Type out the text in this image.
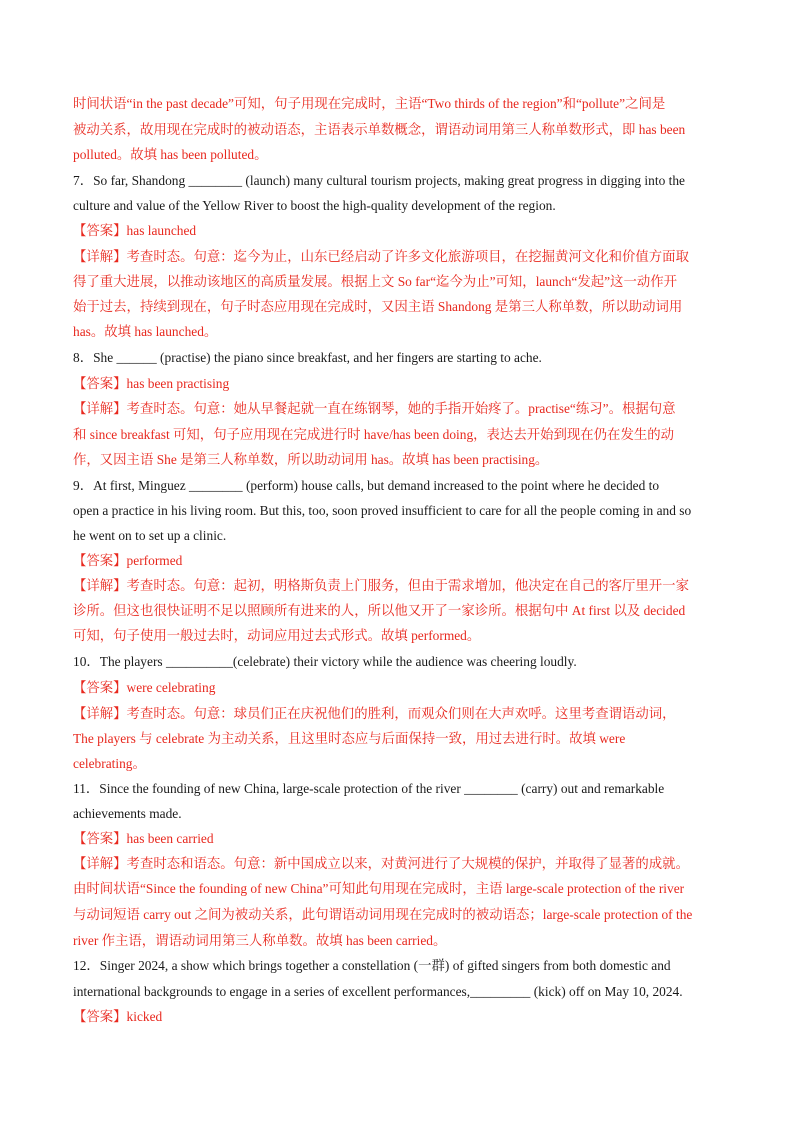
时间状语“in the past decade”可知，句子用现在完成时，主语“Two thirds of the region”和“pollute”之间是
被动关系，故用现在完成时的被动语态，主语表示单数概念，谓语动词用第三人称单数形式，即 has been
polluted。故填 has been polluted。
7．So far, Shandong ________ (launch) many cultural tourism projects, making great progress in digging into the
culture and value of the Yellow River to boost the high-quality development of the region.
【答案】has launched
【详解】考查时态。句意：迄今为止，山东已经启动了许多文化旅游项目，在挖掘黄河文化和价值方面取
得了重大进展，以推动该地区的高质量发展。根据上文 So far“迄今为止”可知，launch“发起”这一动作开
始于过去，持续到现在，句子时态应用现在完成时，又因主语 Shandong 是第三人称单数，所以助动词用
has。故填 has launched。
8．She ______ (practise) the piano since breakfast, and her fingers are starting to ache.
【答案】has been practising
【详解】考查时态。句意：她从早餐起就一直在练钢琴，她的手指开始疼了。practise“练习”。根据句意
和 since breakfast 可知，句子应用现在完成进行时 have/has been doing，表达去开始到现在仍在发生的动
作，又因主语 She 是第三人称单数，所以助动词用 has。故填 has been practising。
9．At first, Minguez ________ (perform) house calls, but demand increased to the point where he decided to
open a practice in his living room. But this, too, soon proved insufficient to care for all the people coming in and so
he went on to set up a clinic.
【答案】performed
【详解】考查时态。句意：起初，明格斯负责上门服务，但由于需求增加，他决定在自己的客厅里开一家
诊所。但这也很快证明不足以照顾所有进来的人，所以他又开了一家诊所。根据句中 At first 以及 decided
可知，句子使用一般过去时，动词应用过去式形式。故填 performed。
10．The players __________(celebrate) their victory while the audience was cheering loudly.
【答案】were celebrating
【详解】考查时态。句意：球员们正在庆祝他们的胜利，而观众们则在大声欢呼。这里考查谓语动词，
The players 与 celebrate 为主动关系，且这里时态应与后面保持一致，用过去进行时。故填 were
celebrating。
11．Since the founding of new China, large-scale protection of the river ________ (carry) out and remarkable
achievements made.
【答案】has been carried
【详解】考查时态和语态。句意：新中国成立以来，对黄河进行了大规模的保护，并取得了显著的成就。
由时间状语“Since the founding of new China”可知此句用现在完成时，主语 large-scale protection of the river
与动词短语 carry out 之间为被动关系，此句谓语动词用现在完成时的被动语态；large-scale protection of the
river 作主语，谓语动词用第三人称单数。故填 has been carried。
12．Singer 2024, a show which brings together a constellation (一群) of gifted singers from both domestic and
international backgrounds to engage in a series of excellent performances,_________ (kick) off on May 10, 2024.
【答案】kicked
